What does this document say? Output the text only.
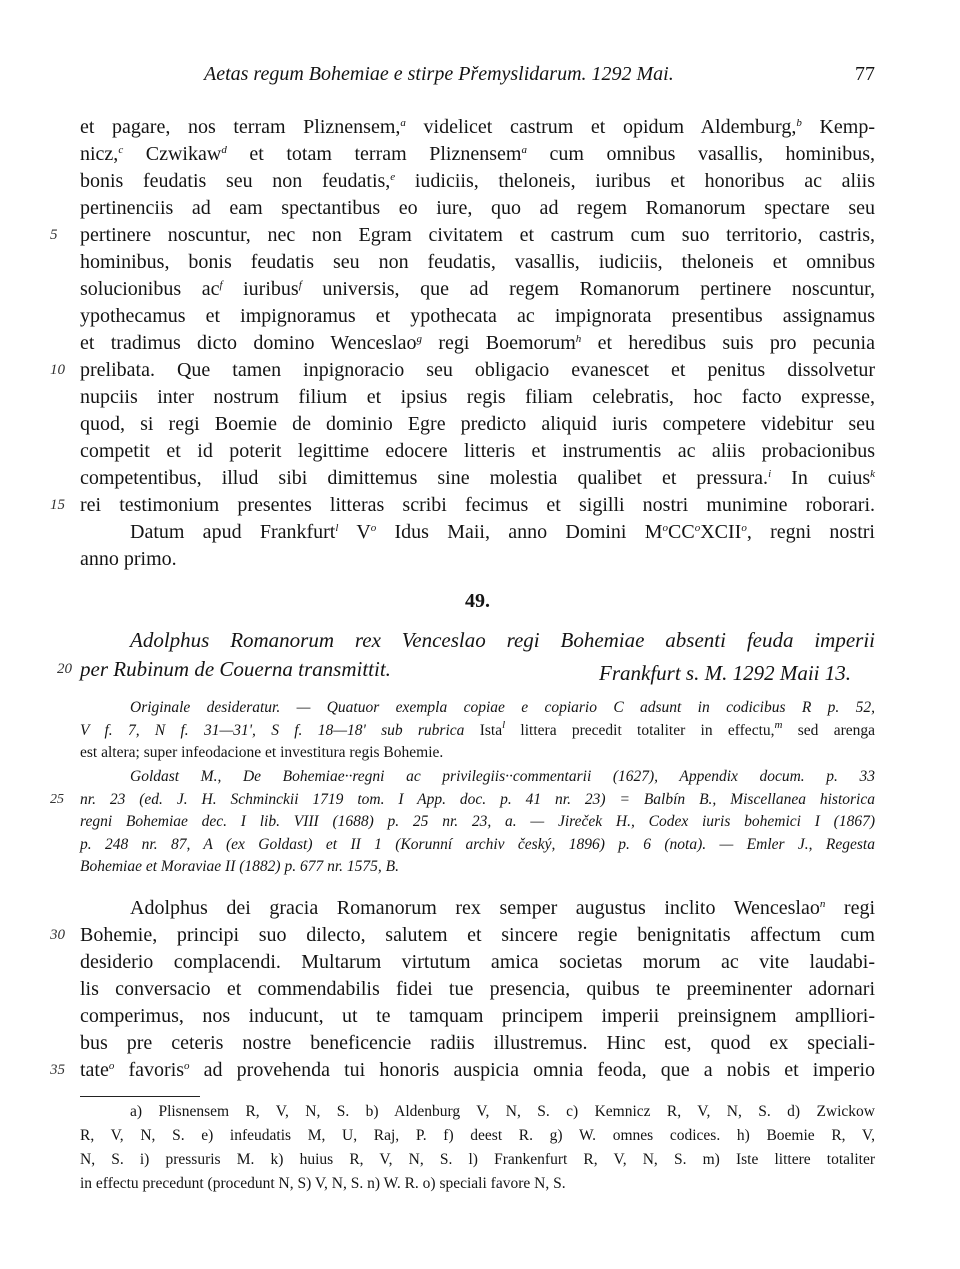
Aetas regum Bohemiae e stirpe Přemyslidarum. 1292 Mai.	77
et pagare, nos terram Pliznensem,$^a$ videlicet castrum et opidum Aldemburg,$^b$ Kemp-
nicz,$^c$ Czwikaw$^d$ et totam terram Pliznensem$^a$ cum omnibus vasallis, hominibus,
bonis feudatis seu non feudatis,$^e$ iudiciis, theloneis, iuribus et honoribus ac aliis
pertinenciis ad eam spectantibus eo iure, quo ad regem Romanorum spectare seu
5	pertinere noscuntur, nec non Egram civitatem et castrum cum suo territorio, castris,
hominibus, bonis feudatis seu non feudatis, vasallis, iudiciis, theloneis et omnibus
solucionibus $ac^f$ iuribus$^f$ universis, que ad regem Romanorum pertinere noscuntur,
ypothecamus et impignoramus et ypothecata ac impignorata presentibus assignamus
et tradimus dicto domino Wenceslao$^g$ regi Boemorum$^h$ et heredibus suis pro pecunia
10 prelibata. Que tamen inpignoracio seu obligacio evanescet et penitus dissolvetur
nupciis inter nostrum filium et ipsius regis filiam celebratis, hoc facto expresse,
quod, si regi Boemie de dominio Egre predicto aliquid iuris competere videbitur seu
competit et id poterit legittime edocere litteris et instrumentis ac aliis probacionibus
competentibus, illud sibi dimittemus sine molestia qualibet et pressura.$^i$ In cuius$^k$
15 rei testimonium presentes litteras scribi fecimus et sigilli nostri munimine roborari.
Datum apud Frankfurt$^l$ $V^o$ Idus Maii, anno Domini $M^oCC^oXCII^o$, regni nostri
anno primo.
49.
Adolphus Romanorum rex Venceslao regi Bohemiae absenti feuda imperii
20 per Rubinum de Couerna transmittit.	Frankfurt s. M. 1292 Maii 13.
Originale desideratur. — Quatuor exempla copiae e copiario C adsunt in codicibus R p. 52,
V f. 7, N f. 31—31', S f. 18—18' sub rubrica Ista$^l$ littera precedit totaliter in effectu,$^m$ sed arenga
est altera; super infeodacione et investitura regis Bohemie.
Goldast M., De Bohemiae··regni ac privilegiis··commentarii (1627), Appendix docum. p. 33
25	nr. 23 (ed. J. H. Schminckii 1719 tom. I App. doc. p. 41 nr. 23) = Balbín B., Miscellanea historica
regni Bohemiae dec. I lib. VIII (1688) p. 25 nr. 23, a. — Jireček H., Codex iuris bohemici I (1867)
p. 248 nr. 87, A (ex Goldast) et II 1 (Korunní archiv český, 1896) p. 6 (nota). — Emler J., Regesta
Bohemiae et Moraviae II (1882) p. 677 nr. 1575, B.
Adolphus dei gracia Romanorum rex semper augustus inclito Wenceslao$^n$ regi
30 Bohemie, principi suo dilecto, salutem et sincere regie benignitatis affectum cum
desiderio complacendi. Multarum virtutum amica societas morum ac vite laudabi-
lis conversacio et commendabilis fidei tue presencia, quibus te preeminenter adornari
comperimus, nos inducunt, ut te tamquam principem imperii preinsignem amplliori-
bus pre ceteris nostre beneficencie radiis illustremus. Hinc est, quod ex speciali-
35 tate$^o$ favoris$^o$ ad provehenda tui honoris auspicia omnia feoda, que a nobis et imperio
a) Plisnensem R, V, N, S. b) Aldenburg V, N, S. c) Kemnicz R, V, N, S. d) Zwickow
R, V, N, S. e) infeudatis M, U, Raj, P. f) deest R. g) W. omnes codices. h) Boemie R, V,
N, S. i) pressuris M. k) huius R, V, N, S. l) Frankenfurt R, V, N, S. m) Iste littere totaliter
in effectu precedunt (procedunt N, S) V, N, S. n) W. R. o) speciali favore N, S.
